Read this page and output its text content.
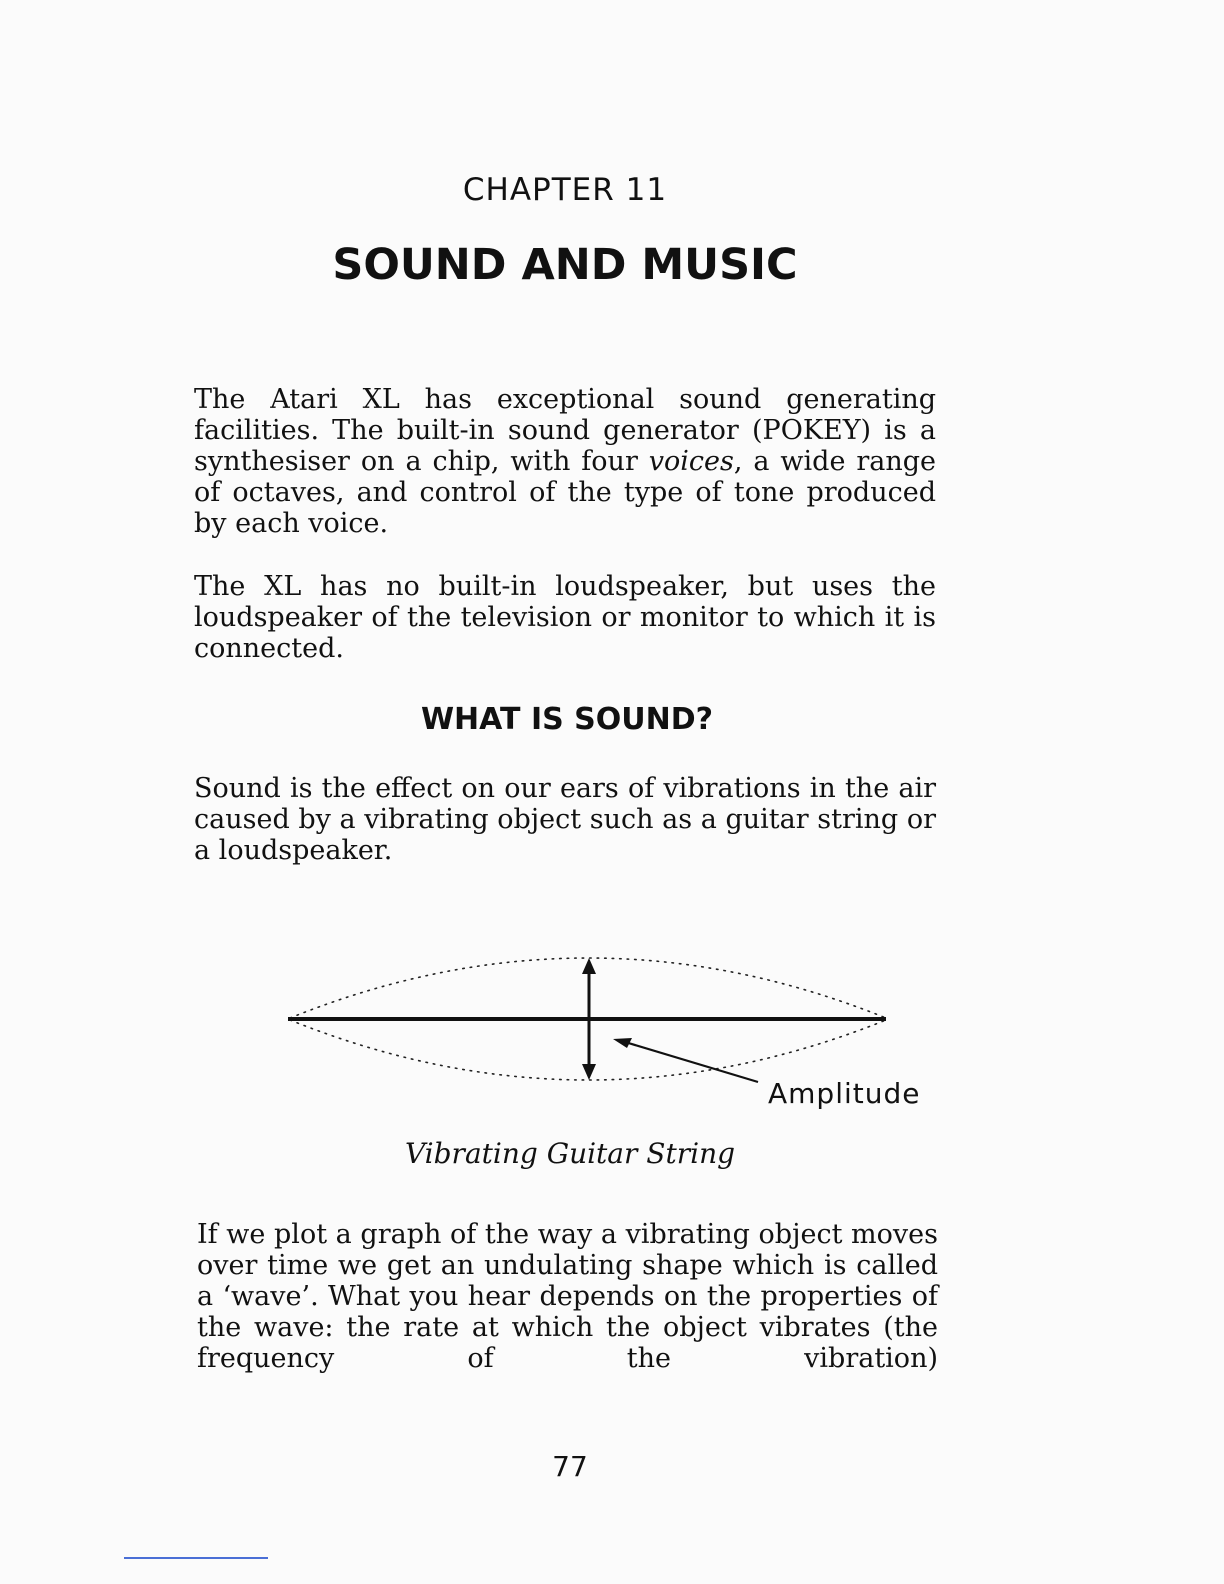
CHAPTER 11
SOUND AND MUSIC

The Atari XL has exceptional sound generating facilities. The built-in sound generator (POKEY) is a synthesiser on a chip, with four voices, a wide range of octaves, and control of the type of tone produced by each voice.

The XL has no built-in loudspeaker, but uses the loudspeaker of the television or monitor to which it is connected.

WHAT IS SOUND?

Sound is the effect on our ears of vibrations in the air caused by a vibrating object such as a guitar string or a loudspeaker.

Amplitude
Vibrating Guitar String

If we plot a graph of the way a vibrating object moves over time we get an undulating shape which is called a ‘wave’. What you hear depends on the properties of the wave: the rate at which the object vibrates (the frequency of the vibration)

77
